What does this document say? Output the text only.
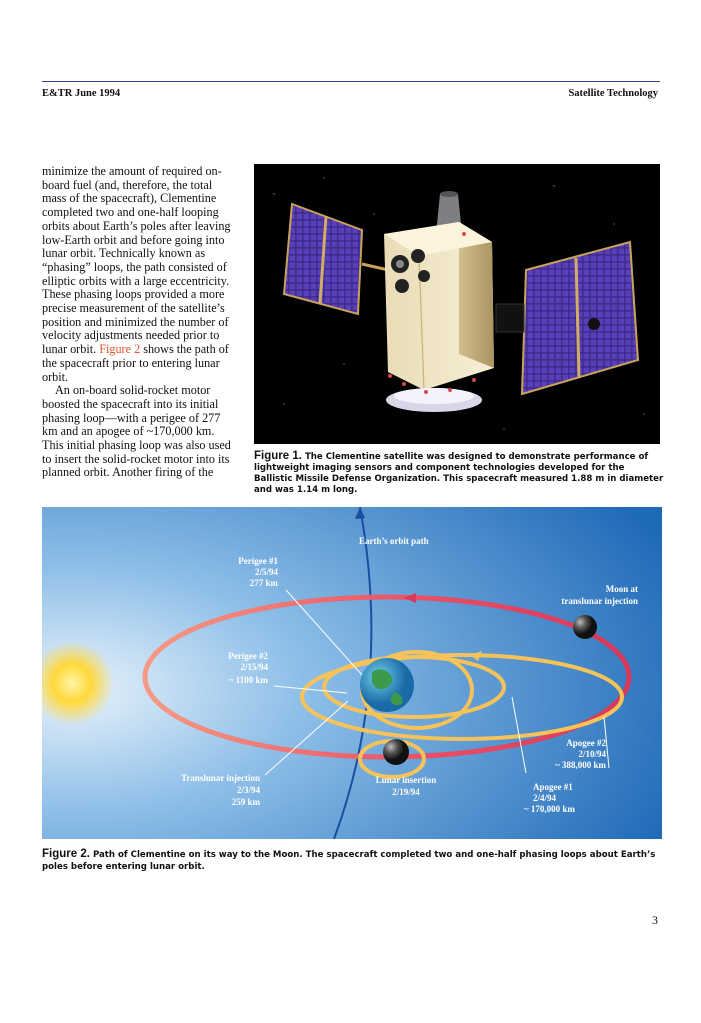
E&TR June 1994	Satellite Technology

minimize the amount of required on-board fuel (and, therefore, the total mass of the spacecraft), Clementine completed two and one-half looping orbits about Earth’s poles after leaving low-Earth orbit and before going into lunar orbit. Technically known as “phasing” loops, the path consisted of elliptic orbits with a large eccentricity. These phasing loops provided a more precise measurement of the satellite’s position and minimized the number of velocity adjustments needed prior to lunar orbit. Figure 2 shows the path of the spacecraft prior to entering lunar orbit.

An on-board solid-rocket motor boosted the spacecraft into its initial phasing loop—with a perigee of 277 km and an apogee of ~170,000 km. This initial phasing loop was also used to insert the solid-rocket motor into its planned orbit. Another firing of the

Figure 1. The Clementine satellite was designed to demonstrate performance of lightweight imaging sensors and component technologies developed for the Ballistic Missile Defense Organization. This spacecraft measured 1.88 m in diameter and was 1.14 m long.
Earth’s orbit path
Perigee #1
2/5/94
277 km
Perigee #2
2/15/94
~ 1100 km
Moon at
translunar injection
Apogee #2
2/10/94
~ 388,000 km
Translunar injection
2/3/94
259 km
Lunar insertion
2/19/94	Apogee #1
2/4/94
~ 170,000 km
Figure 2. Path of Clementine on its way to the Moon. The spacecraft completed two and one-half phasing loops about Earth’s poles before entering lunar orbit.
3
